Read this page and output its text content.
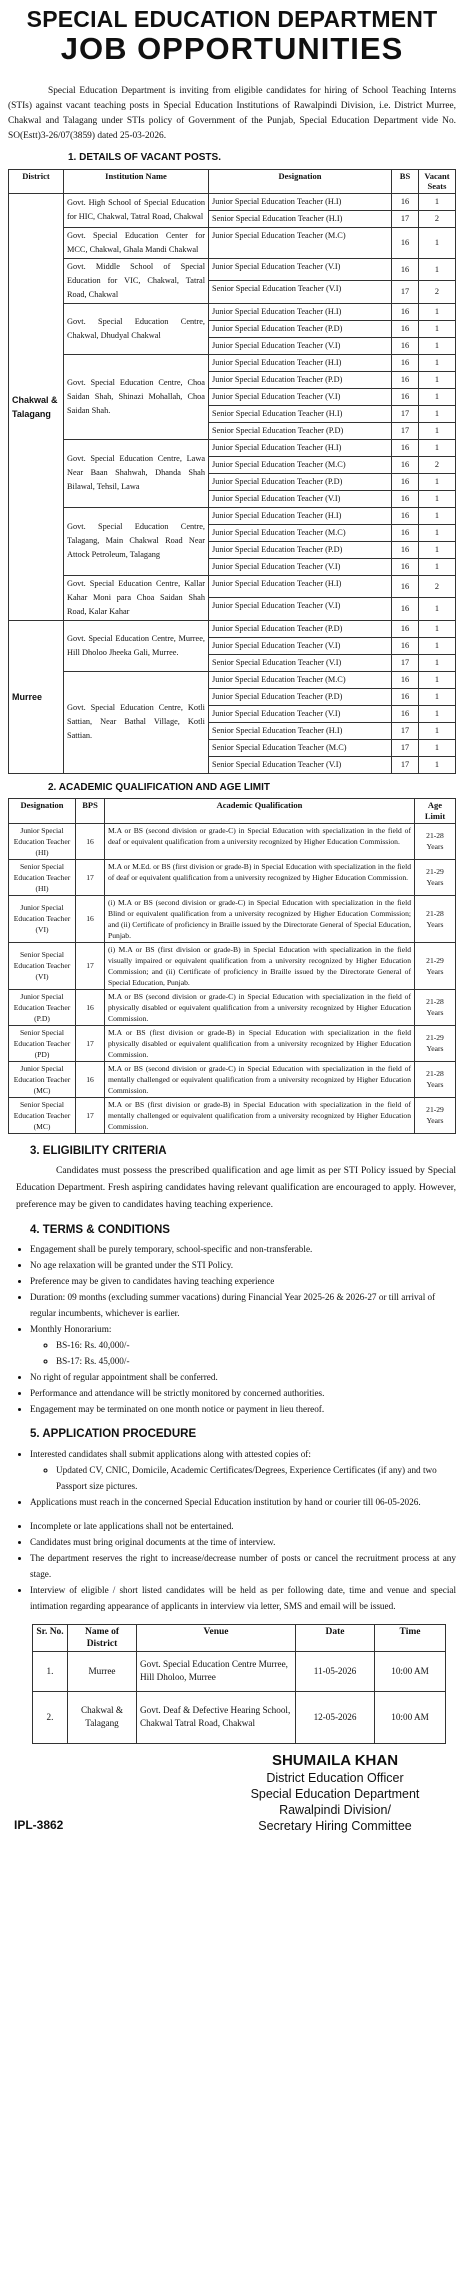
SPECIAL EDUCATION DEPARTMENT
JOB OPPORTUNITIES

Special Education Department is inviting from eligible candidates for hiring of School Teaching Interns (STIs) against vacant teaching posts in Special Education Institutions of Rawalpindi Division, i.e. District Murree, Chakwal and Talagang under STIs policy of Government of the Punjab, Special Education Department vide No. SO(Estt)3-26/07(3859) dated 25-03-2026.

1. DETAILS OF VACANT POSTS.
District	Institution Name	Designation	BS	Vacant Seats
Chakwal & Talagang	Govt. High School of Special Education for HIC, Chakwal, Tatral Road, Chakwal	Junior Special Education Teacher (H.I)	16	1
		Senior Special Education Teacher (H.I)	17	2
	Govt. Special Education Center for MCC, Chakwal, Ghala Mandi Chakwal	Junior Special Education Teacher (M.C)	16	1
	Govt. Middle School of Special Education for VIC, Chakwal, Tatral Road, Chakwal	Junior Special Education Teacher (V.I)	16	1
		Senior Special Education Teacher (V.I)	17	2
	Govt. Special Education Centre, Chakwal, Dhudyal Chakwal	Junior Special Education Teacher (H.I)	16	1
		Junior Special Education Teacher (P.D)	16	1
		Junior Special Education Teacher (V.I)	16	1
	Govt. Special Education Centre, Choa Saidan Shah, Shinazi Mohallah, Choa Saidan Shah.	Junior Special Education Teacher (H.I)	16	1
		Junior Special Education Teacher (P.D)	16	1
		Junior Special Education Teacher (V.I)	16	1
		Senior Special Education Teacher (H.I)	17	1
		Senior Special Education Teacher (P.D)	17	1
	Govt. Special Education Centre, Lawa Near Baan Shahwah, Dhanda Shah Bilawal, Tehsil, Lawa	Junior Special Education Teacher (H.I)	16	1
		Junior Special Education Teacher (M.C)	16	2
		Junior Special Education Teacher (P.D)	16	1
		Junior Special Education Teacher (V.I)	16	1
	Govt. Special Education Centre, Talagang, Main Chakwal Road Near Attock Petroleum, Talagang	Junior Special Education Teacher (H.I)	16	1
		Junior Special Education Teacher (M.C)	16	1
		Junior Special Education Teacher (P.D)	16	1
		Junior Special Education Teacher (V.I)	16	1
	Govt. Special Education Centre, Kallar Kahar Moni para Choa Saidan Shah Road, Kalar Kahar	Junior Special Education Teacher (H.I)	16	2
		Junior Special Education Teacher (V.I)	16	1
Murree	Govt. Special Education Centre, Murree, Hill Dholoo Jheeka Gali, Murree.	Junior Special Education Teacher (P.D)	16	1
		Junior Special Education Teacher (V.I)	16	1
		Senior Special Education Teacher (V.I)	17	1
	Govt. Special Education Centre, Kotli Sattian, Near Bathal Village, Kotli Sattian.	Junior Special Education Teacher (M.C)	16	1
		Junior Special Education Teacher (P.D)	16	1
		Junior Special Education Teacher (V.I)	16	1
		Senior Special Education Teacher (H.I)	17	1
		Senior Special Education Teacher (M.C)	17	1
		Senior Special Education Teacher (V.I)	17	1
2. ACADEMIC QUALIFICATION AND AGE LIMIT
Designation	BPS	Academic Qualification	Age Limit
Junior Special Education Teacher (HI)	16	M.A or BS (second division or grade-C) in Special Education with specialization in the field of deaf or equivalent qualification from a university recognized by Higher Education Commission.	21-28 Years
Senior Special Education Teacher (HI)	17	M.A or M.Ed. or BS (first division or grade-B) in Special Education with specialization in the field of deaf or equivalent qualification from a university recognized by Higher Education Commission.	21-29 Years
Junior Special Education Teacher (VI)	16	(i) M.A or BS (second division or grade-C) in Special Education with specialization in the field Blind or equivalent qualification from a university recognized by Higher Education Commission; and (ii) Certificate of proficiency in Braille issued by the Directorate General of Special Education, Punjab.	21-28 Years
Senior Special Education Teacher (VI)	17	(i) M.A or BS (first division or grade-B) in Special Education with specialization in the field visually impaired or equivalent qualification from a university recognized by Higher Education Commission; and (ii) Certificate of proficiency in Braille issued by the Directorate General of Special Education, Punjab.	21-29 Years
Junior Special Education Teacher (P.D)	16	M.A or BS (second division or grade-C) in Special Education with specialization in the field of physically disabled or equivalent qualification from a university recognized by Higher Education Commission.	21-28 Years
Senior Special Education Teacher (PD)	17	M.A or BS (first division or grade-B) in Special Education with specialization in the field physically disabled or equivalent qualification from a university recognized by Higher Education Commission.	21-29 Years
Junior Special Education Teacher (MC)	16	M.A or BS (second division or grade-C) in Special Education with specialization in the field of mentally challenged or equivalent qualification from a university recognized by Higher Education Commission.	21-28 Years
Senior Special Education Teacher (MC)	17	M.A or BS (first division or grade-B) in Special Education with specialization in the field of mentally challenged or equivalent qualification from a university recognized by Higher Education Commission.	21-29 Years
3. ELIGIBILITY CRITERIA

Candidates must possess the prescribed qualification and age limit as per STI Policy issued by Special Education Department. Fresh aspiring candidates having relevant qualification are encouraged to apply. However, preference may be given to candidates having teaching experience.

4. TERMS & CONDITIONS
• Engagement shall be purely temporary, school-specific and non-transferable.
• No age relaxation will be granted under the STI Policy.
• Preference may be given to candidates having teaching experience
• Duration: 09 months (excluding summer vacations) during Financial Year 2025-26 & 2026-27 or till arrival of regular incumbents, whichever is earlier.
• Monthly Honorarium:
◦ BS-16: Rs. 40,000/-
◦ BS-17: Rs. 45,000/-
• No right of regular appointment shall be conferred.
• Performance and attendance will be strictly monitored by concerned authorities.
• Engagement may be terminated on one month notice or payment in lieu thereof.
5. APPLICATION PROCEDURE
• Interested candidates shall submit applications along with attested copies of:
◦ Updated CV, CNIC, Domicile, Academic Certificates/Degrees, Experience Certificates (if any) and two Passport size pictures.
• Applications must reach in the concerned Special Education institution by hand or courier till 06-05-2026.
• Incomplete or late applications shall not be entertained.
• Candidates must bring original documents at the time of interview.
• The department reserves the right to increase/decrease number of posts or cancel the recruitment process at any stage.
• Interview of eligible / short listed candidates will be held as per following date, time and venue and special intimation regarding appearance of applicants in interview via letter, SMS and email will be issued.
Sr. No.	Name of District	Venue	Date	Time
1.	Murree	Govt. Special Education Centre Murree, Hill Dholoo, Murree	11-05-2026	10:00 AM
2.	Chakwal & Talagang	Govt. Deaf & Defective Hearing School, Chakwal Tatral Road, Chakwal	12-05-2026	10:00 AM
SHUMAILA KHAN
District Education Officer
Special Education Department
Rawalpindi Division/
Secretary Hiring Committee
IPL-3862
